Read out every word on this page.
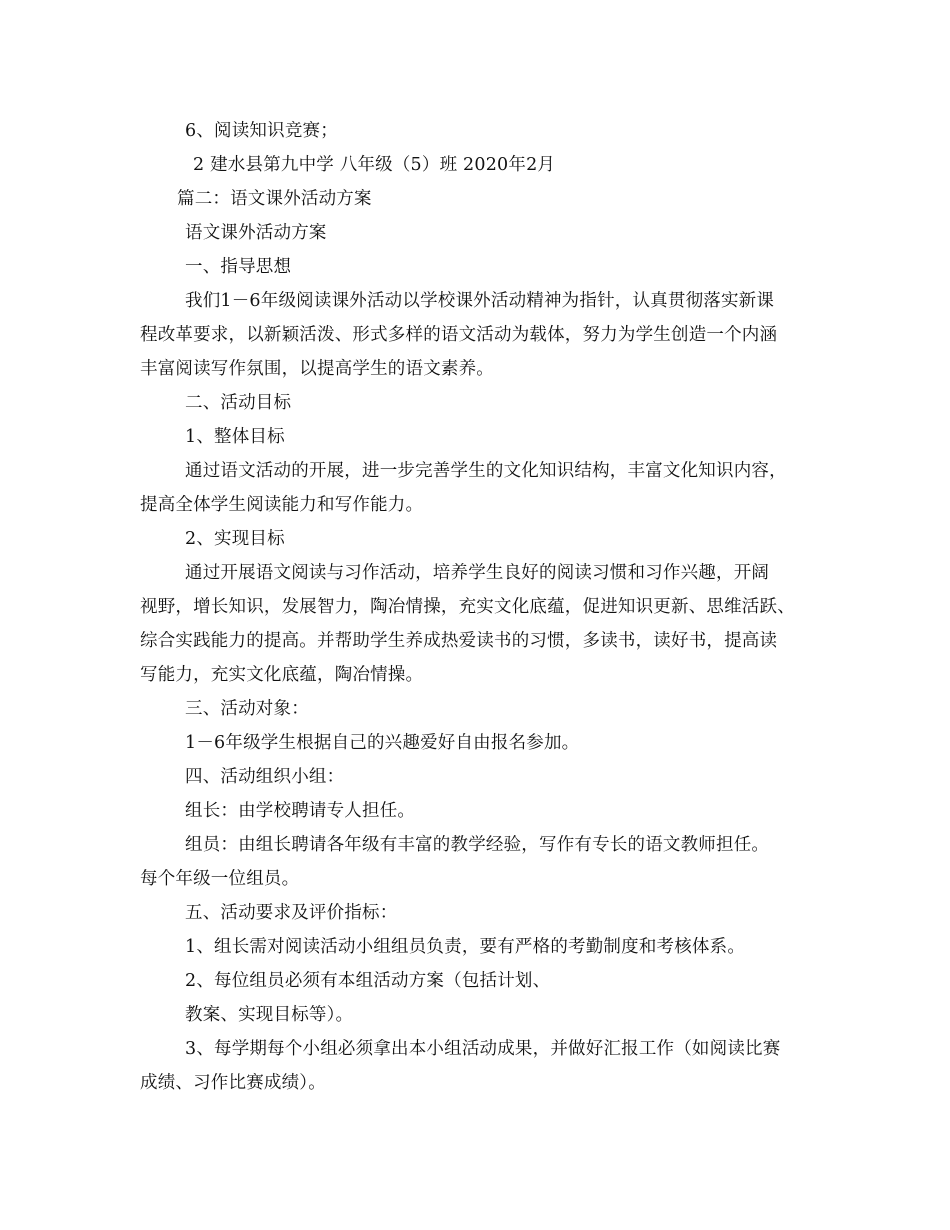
6、阅读知识竞赛；
2 建水县第九中学 八年级（5）班 2020年2月
篇二：语文课外活动方案
语文课外活动方案
一、指导思想
我们1－6年级阅读课外活动以学校课外活动精神为指针，认真贯彻落实新课
程改革要求，以新颖活泼、形式多样的语文活动为载体，努力为学生创造一个内涵
丰富阅读写作氛围，以提高学生的语文素养。
二、活动目标
1、整体目标
通过语文活动的开展，进一步完善学生的文化知识结构，丰富文化知识内容，
提高全体学生阅读能力和写作能力。
2、实现目标
通过开展语文阅读与习作活动，培养学生良好的阅读习惯和习作兴趣，开阔
视野，增长知识，发展智力，陶冶情操，充实文化底蕴，促进知识更新、思维活跃、
综合实践能力的提高。并帮助学生养成热爱读书的习惯，多读书，读好书，提高读
写能力，充实文化底蕴，陶冶情操。
三、活动对象：
1－6年级学生根据自己的兴趣爱好自由报名参加。
四、活动组织小组：
组长：由学校聘请专人担任。
组员：由组长聘请各年级有丰富的教学经验，写作有专长的语文教师担任。
每个年级一位组员。
五、活动要求及评价指标：
1、组长需对阅读活动小组组员负责，要有严格的考勤制度和考核体系。
2、每位组员必须有本组活动方案（包括计划、
教案、实现目标等）。
3、每学期每个小组必须拿出本小组活动成果，并做好汇报工作（如阅读比赛
成绩、习作比赛成绩）。
